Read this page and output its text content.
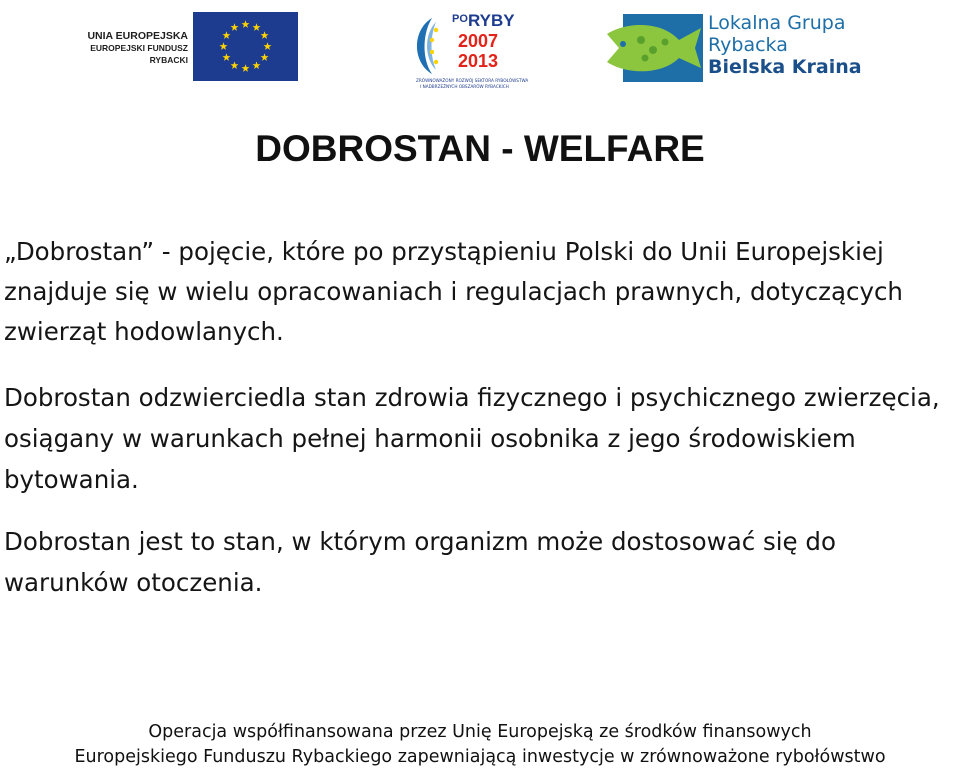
UNIA EUROPEJSKA
EUROPEJSKI FUNDUSZ
RYBACKI
PO RYBY
2007
2013
ZRÓWNOWAŻONY ROZWÓJ SEKTORA RYBOŁÓWSTWA
I NADBRZEŻNYCH OBSZARÓW RYBACKICH
Lokalna Grupa
Rybacka
Bielska Kraina
DOBROSTAN - WELFARE

„Dobrostan” - pojęcie, które po przystąpieniu Polski do Unii Europejskiej znajduje się w wielu opracowaniach i regulacjach prawnych, dotyczących zwierząt hodowlanych.

Dobrostan odzwierciedla stan zdrowia fizycznego i psychicznego zwierzęcia, osiągany w warunkach pełnej harmonii osobnika z jego środowiskiem bytowania.

Dobrostan jest to stan, w którym organizm może dostosować się do warunków otoczenia.

Operacja współfinansowana przez Unię Europejską ze środków finansowych
Europejskiego Funduszu Rybackiego zapewniającą inwestycje w zrównoważone rybołówstwo
